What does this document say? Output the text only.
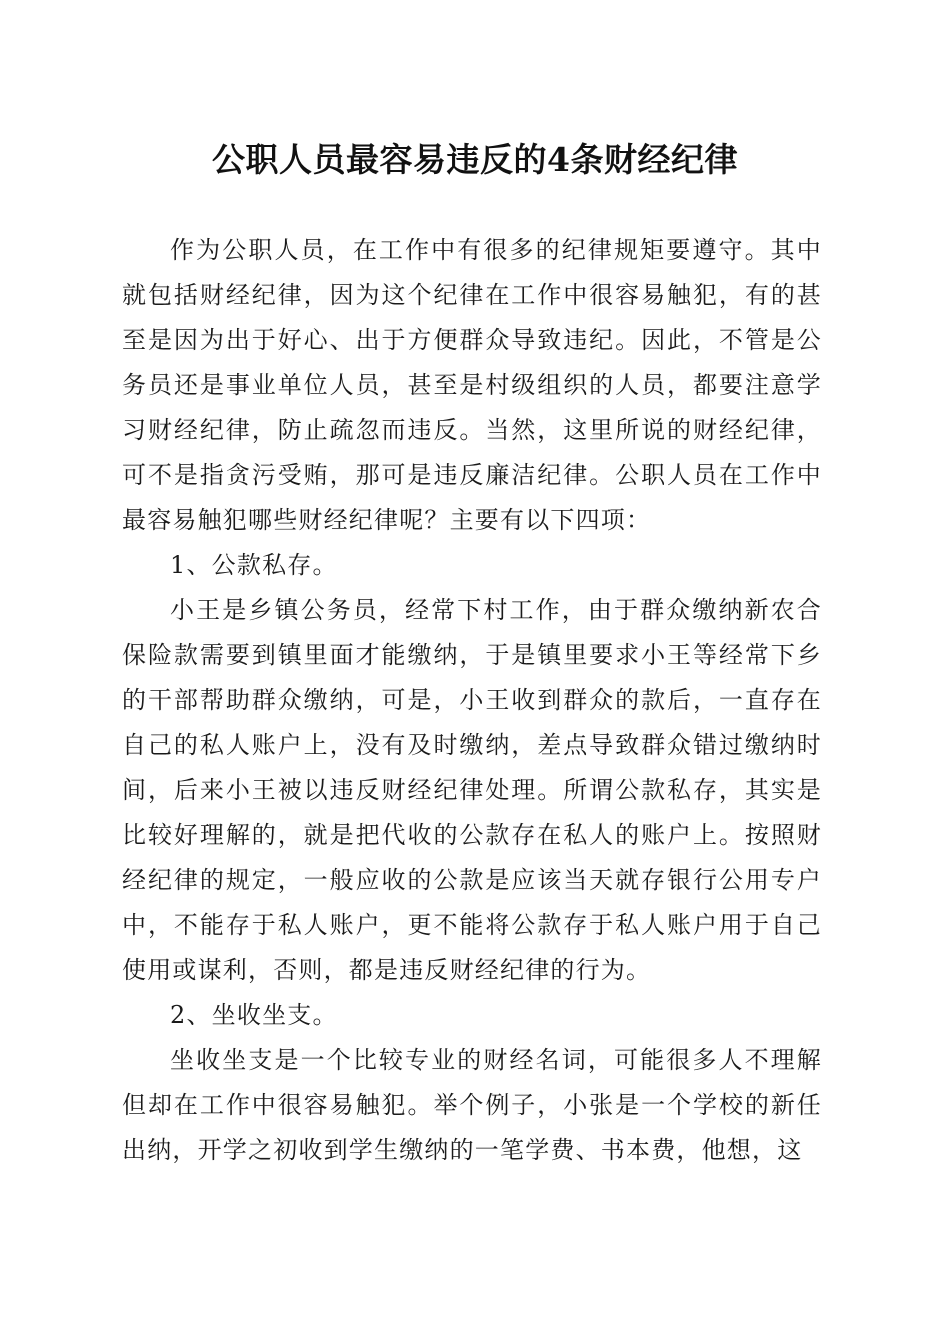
公职人员最容易违反的4条财经纪律

作为公职人员，在工作中有很多的纪律规矩要遵守。其中就包括财经纪律，因为这个纪律在工作中很容易触犯，有的甚至是因为出于好心、出于方便群众导致违纪。因此，不管是公务员还是事业单位人员，甚至是村级组织的人员，都要注意学习财经纪律，防止疏忽而违反。当然，这里所说的财经纪律，可不是指贪污受贿，那可是违反廉洁纪律。公职人员在工作中最容易触犯哪些财经纪律呢？主要有以下四项：

1、公款私存。

小王是乡镇公务员，经常下村工作，由于群众缴纳新农合保险款需要到镇里面才能缴纳，于是镇里要求小王等经常下乡的干部帮助群众缴纳，可是，小王收到群众的款后，一直存在自己的私人账户上，没有及时缴纳，差点导致群众错过缴纳时间，后来小王被以违反财经纪律处理。所谓公款私存，其实是比较好理解的，就是把代收的公款存在私人的账户上。按照财经纪律的规定，一般应收的公款是应该当天就存银行公用专户中，不能存于私人账户，更不能将公款存于私人账户用于自己使用或谋利，否则，都是违反财经纪律的行为。

2、坐收坐支。

坐收坐支是一个比较专业的财经名词，可能很多人不理解但却在工作中很容易触犯。举个例子，小张是一个学校的新任出纳，开学之初收到学生缴纳的一笔学费、书本费，他想，这
